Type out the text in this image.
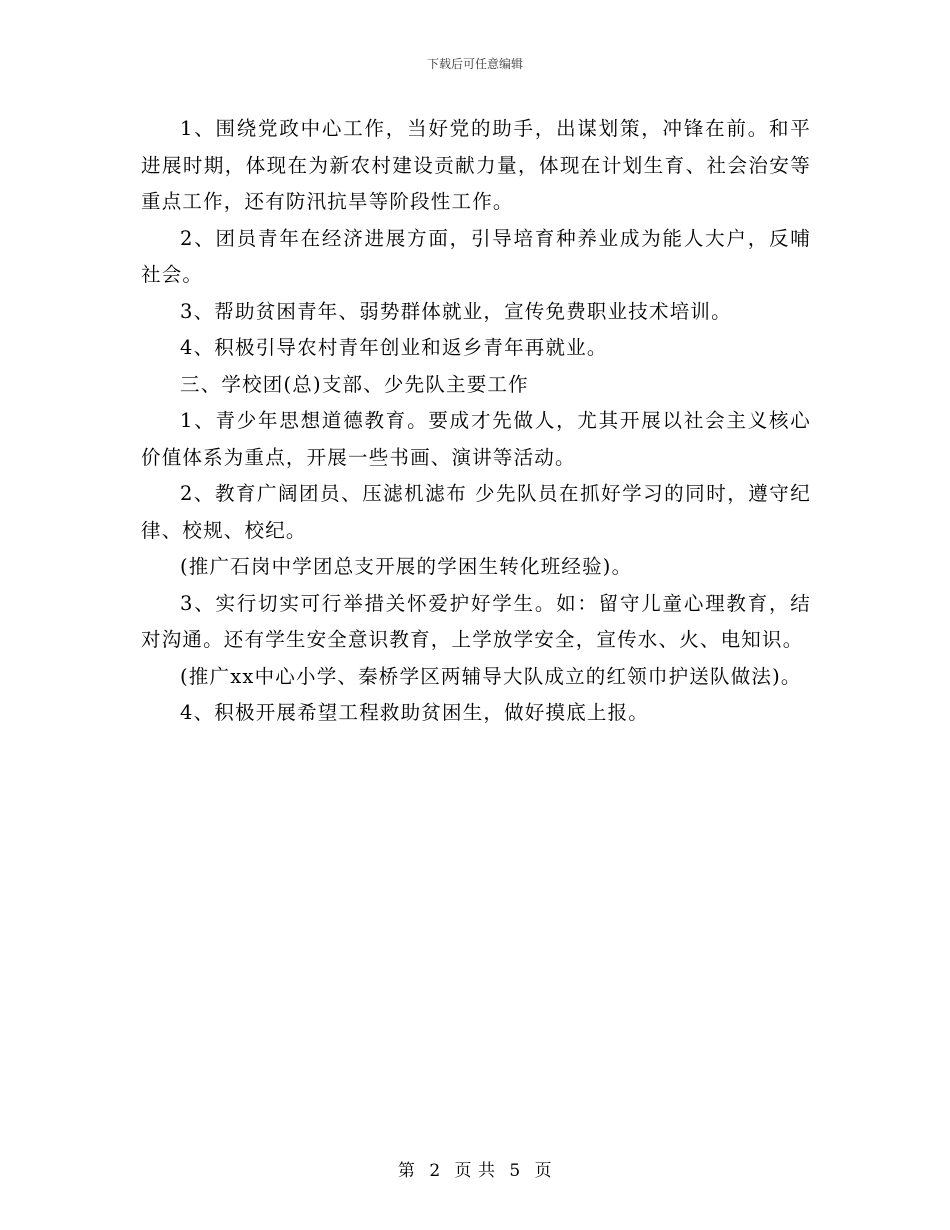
下载后可任意编辑

1、围绕党政中心工作，当好党的助手，出谋划策，冲锋在前。和平进展时期，体现在为新农村建设贡献力量，体现在计划生育、社会治安等重点工作，还有防汛抗旱等阶段性工作。

2、团员青年在经济进展方面，引导培育种养业成为能人大户，反哺社会。

3、帮助贫困青年、弱势群体就业，宣传免费职业技术培训。

4、积极引导农村青年创业和返乡青年再就业。

三、学校团(总)支部、少先队主要工作

1、青少年思想道德教育。要成才先做人，尤其开展以社会主义核心价值体系为重点，开展一些书画、演讲等活动。

2、教育广阔团员、压滤机滤布 少先队员在抓好学习的同时，遵守纪律、校规、校纪。

(推广石岗中学团总支开展的学困生转化班经验)。

3、实行切实可行举措关怀爱护好学生。如：留守儿童心理教育，结对沟通。还有学生安全意识教育，上学放学安全，宣传水、火、电知识。

(推广xx中心小学、秦桥学区两辅导大队成立的红领巾护送队做法)。

4、积极开展希望工程救助贫困生，做好摸底上报。

第 2 页 共 5 页
